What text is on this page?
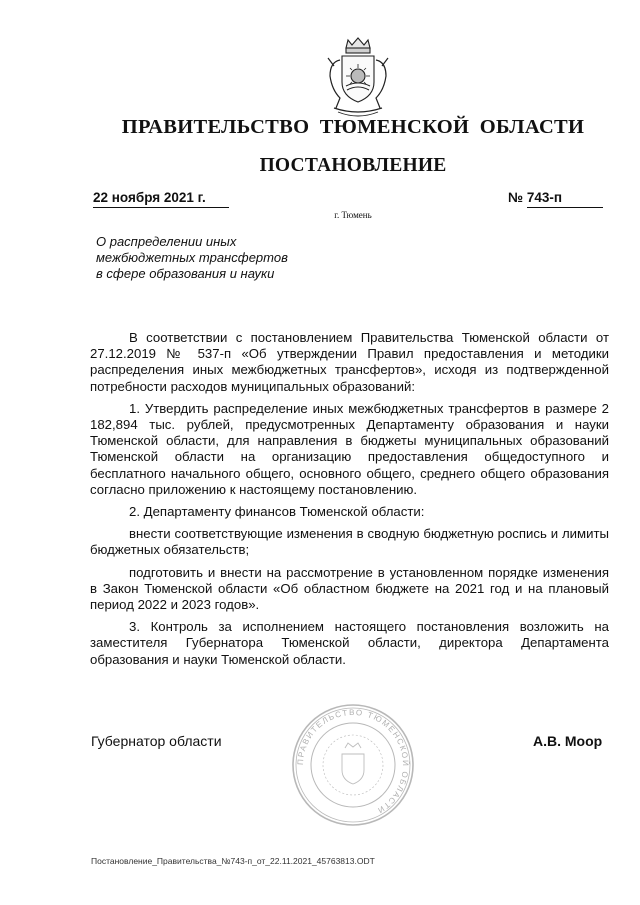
ПРАВИТЕЛЬСТВО ТЮМЕНСКОЙ ОБЛАСТИ
ПОСТАНОВЛЕНИЕ
22 ноября 2021 г.	№ 743-п
г. Тюмень
О распределении иных
межбюджетных трансфертов
в сфере образования и науки

В соответствии с постановлением Правительства Тюменской области от 27.12.2019 № 537-п «Об утверждении Правил предоставления и методики распределения иных межбюджетных трансфертов», исходя из подтвержденной потребности расходов муниципальных образований:

1. Утвердить распределение иных межбюджетных трансфертов в размере 2 182,894 тыс. рублей, предусмотренных Департаменту образования и науки Тюменской области, для направления в бюджеты муниципальных образований Тюменской области на организацию предоставления общедоступного и бесплатного начального общего, основного общего, среднего общего образования согласно приложению к настоящему постановлению.

2. Департаменту финансов Тюменской области:

внести соответствующие изменения в сводную бюджетную роспись и лимиты бюджетных обязательств;

подготовить и внести на рассмотрение в установленном порядке изменения в Закон Тюменской области «Об областном бюджете на 2021 год и на плановый период 2022 и 2023 годов».

3. Контроль за исполнением настоящего постановления возложить на заместителя Губернатора Тюменской области, директора Департамента образования и науки Тюменской области.

ПРАВИТЕЛЬСТВО ТЮМЕНСКОЙ ОБЛАСТИ
Губернатор области	А.В. Моор
Постановление_Правительства_№743-п_от_22.11.2021_45763813.ODT
